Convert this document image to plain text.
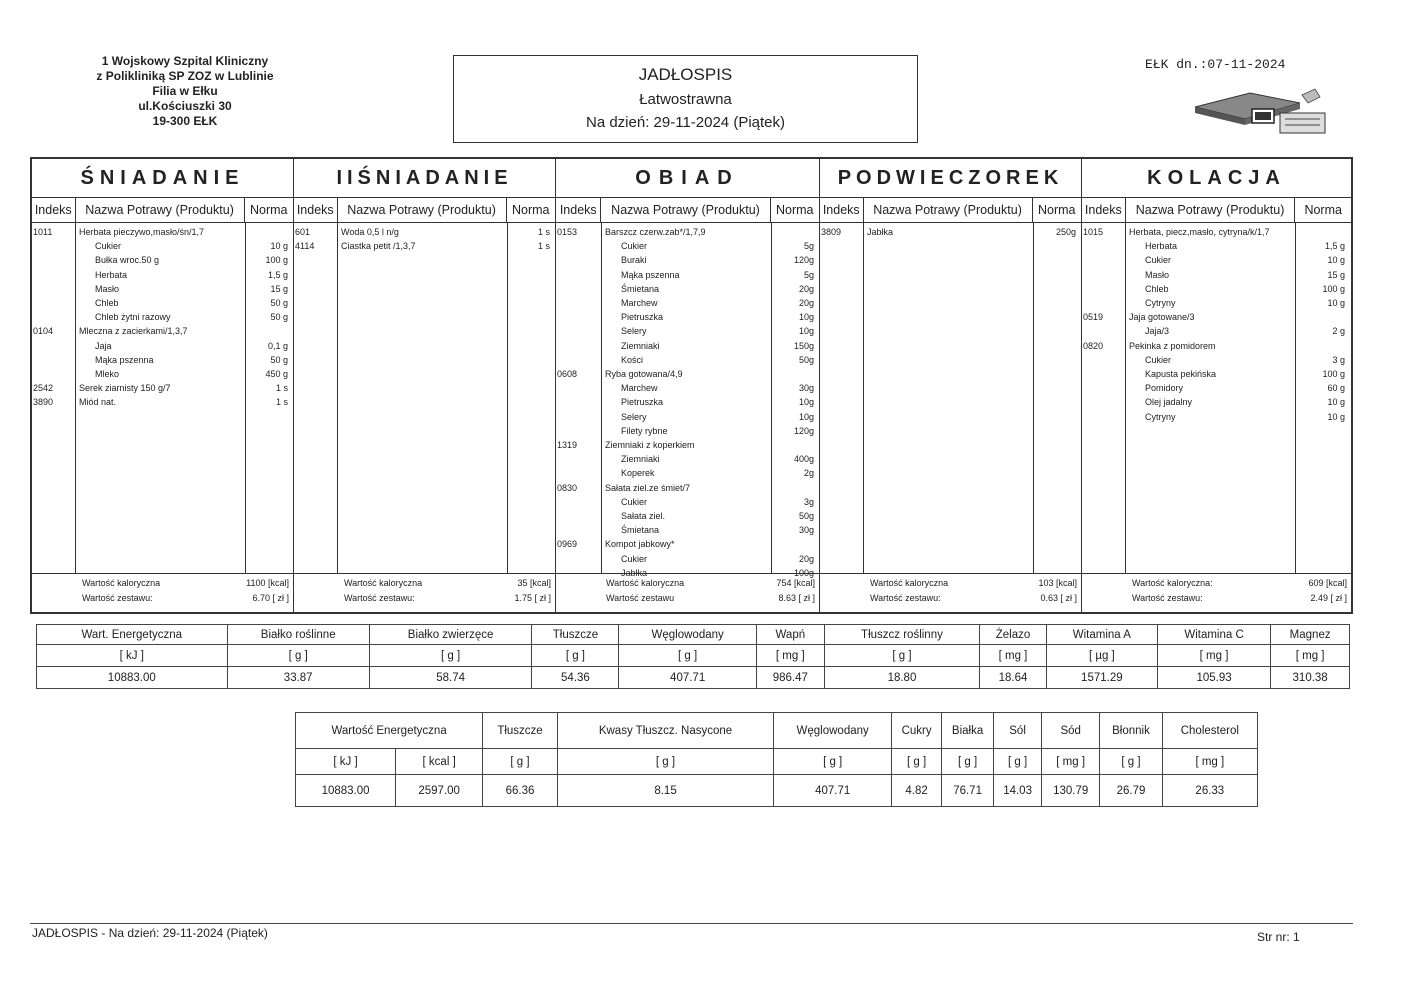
1 Wojskowy Szpital Kliniczny
z Polikliniką SP ZOZ w Lublinie
Filia w Ełku
ul.Kościuszki 30
19-300 EŁK
JADŁOSPIS
Łatwostrawna
Na dzień: 29-11-2024 (Piątek)
EŁK dn.:07-11-2024
ŚNIADANIE
Indeks	Nazwa Potrawy (Produktu)	Norma
1011	Herbata pieczywo,masło/śn/1,7
Cukier	10 g
Bułka wroc.50 g	100 g
Herbata	1,5 g
Masło	15 g
Chleb	50 g
Chleb żytni razowy	50 g
0104	Mleczna z zacierkami/1,3,7
Jaja	0,1 g
Mąka pszenna	50 g
Mleko	450 g
2542	Serek ziarnisty 150 g/7	1 s
3890	Miód nat.	1 s
Wartość kaloryczna	1100 [kcal]
Wartość zestawu:	6.70 [ zł ]
IIŚNIADANIE
Indeks	Nazwa Potrawy (Produktu)	Norma
601	Woda 0,5 l n/g	1 s
4114	Ciastka petit /1,3,7	1 s
Wartość kaloryczna	35 [kcal]
Wartość zestawu:	1.75 [ zł ]
OBIAD
Indeks	Nazwa Potrawy (Produktu)	Norma
0153	Barszcz czerw.zab*/1,7,9
Cukier	5g
Buraki	120g
Mąka pszenna	5g
Śmietana	20g
Marchew	20g
Pietruszka	10g
Selery	10g
Ziemniaki	150g
Kości	50g
0608	Ryba gotowana/4,9
Marchew	30g
Pietruszka	10g
Selery	10g
Filety rybne	120g
1319	Ziemniaki z koperkiem
Ziemniaki	400g
Koperek	2g
0830	Sałata ziel.ze śmiet/7
Cukier	3g
Sałata ziel.	50g
Śmietana	30g
0969	Kompot jabkowy*
Cukier	20g
Jabłka	100g
Wartość kaloryczna	754 [kcal]
Wartość zestawu	8.63 [ zł ]
PODWIECZOREK
Indeks	Nazwa Potrawy (Produktu)	Norma
3809	Jabłka	250g
Wartość kaloryczna	103 [kcal]
Wartość zestawu:	0.63 [ zł ]
KOLACJA
Indeks	Nazwa Potrawy (Produktu)	Norma
1015	Herbata, piecz,masło, cytryna/k/1,7
Herbata	1,5 g
Cukier	10 g
Masło	15 g
Chleb	100 g
Cytryny	10 g
0519	Jaja gotowane/3
Jaja/3	2 g
0820	Pekinka z pomidorem
Cukier	3 g
Kapusta pekińska	100 g
Pomidory	60 g
Olej jadalny	10 g
Cytryny	10 g
Wartość kaloryczna:	609 [kcal]
Wartość zestawu:	2.49 [ zł ]
Wart. Energetyczna	Białko roślinne	Białko zwierzęce	Tłuszcze	Węglowodany	Wapń	Tłuszcz roślinny	Żelazo	Witamina A	Witamina C	Magnez
[ kJ ]	[ g ]	[ g ]	[ g ]	[ g ]	[ mg ]	[ g ]	[ mg ]	[ µg ]	[ mg ]	[ mg ]
10883.00	33.87	58.74	54.36	407.71	986.47	18.80	18.64	1571.29	105.93	310.38
Wartość Energetyczna		Tłuszcze	Kwasy Tłuszcz. Nasycone	Węglowodany	Cukry	Białka	Sól	Sód	Błonnik	Cholesterol
[ kJ ]	[ kcal ]	[ g ]	[ g ]	[ g ]	[ g ]	[ g ]	[ g ]	[ mg ]	[ g ]	[ mg ]
10883.00	2597.00	66.36	8.15	407.71	4.82	76.71	14.03	130.79	26.79	26.33
JADŁOSPIS - Na dzień: 29-11-2024 (Piątek)	Str nr: 1
